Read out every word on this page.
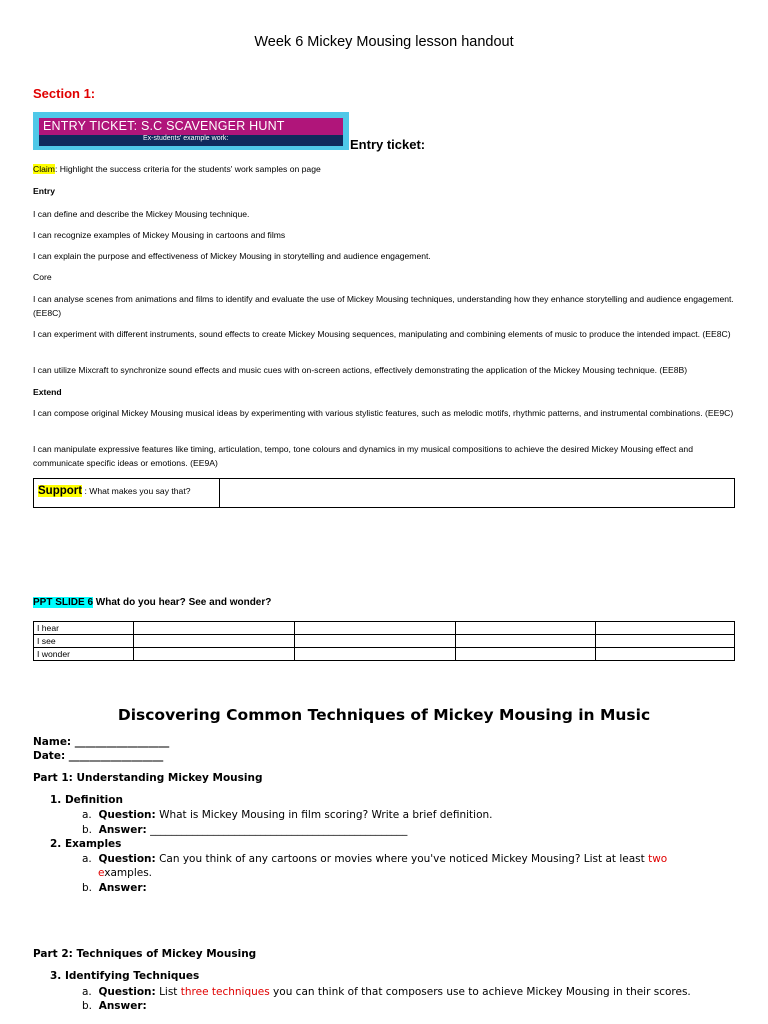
Week 6 Mickey Mousing lesson handout
Section 1:
ENTRY TICKET: S.C SCAVENGER HUNT
Ex-students' example work:	Entry ticket:
Claim: Highlight the success criteria for the students' work samples on page
Entry
I can define and describe the Mickey Mousing technique.
I can recognize examples of Mickey Mousing in cartoons and films
I can explain the purpose and effectiveness of Mickey Mousing in storytelling and audience engagement.
Core
I can analyse scenes from animations and films to identify and evaluate the use of Mickey Mousing techniques, understanding how they enhance storytelling and audience engagement. (EE8C)
I can experiment with different instruments, sound effects to create Mickey Mousing sequences, manipulating and combining elements of music to produce the intended impact. (EE8C)
I can utilize Mixcraft to synchronize sound effects and music cues with on-screen actions, effectively demonstrating the application of the Mickey Mousing technique. (EE8B)
Extend
I can compose original Mickey Mousing musical ideas by experimenting with various stylistic features, such as melodic motifs, rhythmic patterns, and instrumental combinations. (EE9C)
I can manipulate expressive features like timing, articulation, tempo, tone colours and dynamics in my musical compositions to achieve the desired Mickey Mousing effect and communicate specific ideas or emotions. (EE9A)
Support : What makes you say that?	
PPT SLIDE 6 What do you hear? See and wonder?
I hear				
I see				
I wonder				
Discovering Common Techniques of Mickey Mousing in Music
Name: __________________
Date: __________________
Part 1: Understanding Mickey Mousing
1. Definition
a.  Question: What is Mickey Mousing in film scoring? Write a brief definition.
b.  Answer: _________________________________________________
2. Examples
a.  Question: Can you think of any cartoons or movies where you've noticed Mickey Mousing? List at least two
examples.
b.  Answer:
Part 2: Techniques of Mickey Mousing
3. Identifying Techniques
a.  Question: List three techniques you can think of that composers use to achieve Mickey Mousing in their scores.
b.  Answer:
